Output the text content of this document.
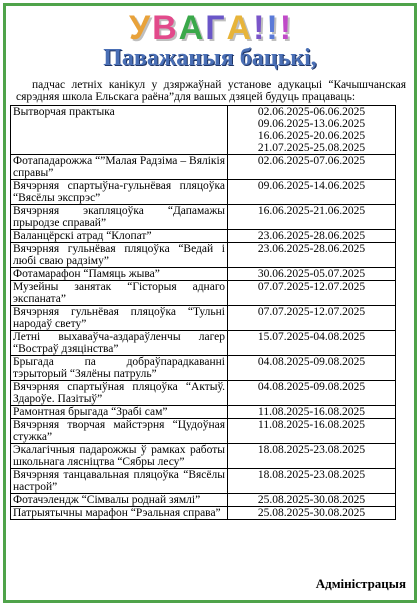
УВАГА!!!
Паважаныя бацькі,
падчас летніх канікул у дзяржаўнай установе адукацыі “Качышчанская сярэдняя школа Ельскага раёна”для вашых дзяцей будуць працаваць:
Вытворчая практыка	02.06.2025-06.06.2025
09.06.2025-13.06.2025
16.06.2025-20.06.2025
21.07.2025-25.08.2025

Фотападарожжа “”Малая Радзіма – Вялікія справы”	02.06.2025-07.06.2025

Вячэрняя спартыўна-гульнёвая пляцоўка “Вясёлы экспрэс”	09.06.2025-14.06.2025

Вячэрняя экапляцоўка “Дапамажы прыродзе справай”	16.06.2025-21.06.2025

Валанцёрскі атрад “Клопат”	23.06.2025-28.06.2025

Вячэрняя гульнёвая пляцоўка “Ведай і любі сваю радзіму”	23.06.2025-28.06.2025

Фотамарафон “Памяць жыва”	30.06.2025-05.07.2025

Музейны занятак “Гісторыя аднаго экспаната”	07.07.2025-12.07.2025

Вячэрняя гульнёвая пляцоўка “Тульні народаў свету”	07.07.2025-12.07.2025

Летні выхаваўча-аздараўленчы лагер “Востраў дзяцінства”	15.07.2025-04.08.2025

Брыгада па добраўпарадкаванні тэрыторый “Зялёны патруль”	04.08.2025-09.08.2025

Вячэрняя спартыўная пляцоўка “Актыў. Здароўе. Пазітыў”	04.08.2025-09.08.2025

Рамонтная брыгада “Зрабі сам”	11.08.2025-16.08.2025

Вячэрняя творчая майстэрня “Цудоўная стужка”	11.08.2025-16.08.2025

Экалагічныя падарожжы ў рамках работы школьнага лясніцтва “Сябры лесу”	18.08.2025-23.08.2025

Вячэрняя танцавальная пляцоўка “Вясёлы настрой”	18.08.2025-23.08.2025

Фотачэлендж “Сімвалы роднай зямлі”	25.08.2025-30.08.2025

Патрыятычны марафон “Рэальная справа”	25.08.2025-30.08.2025
Адміністрацыя
